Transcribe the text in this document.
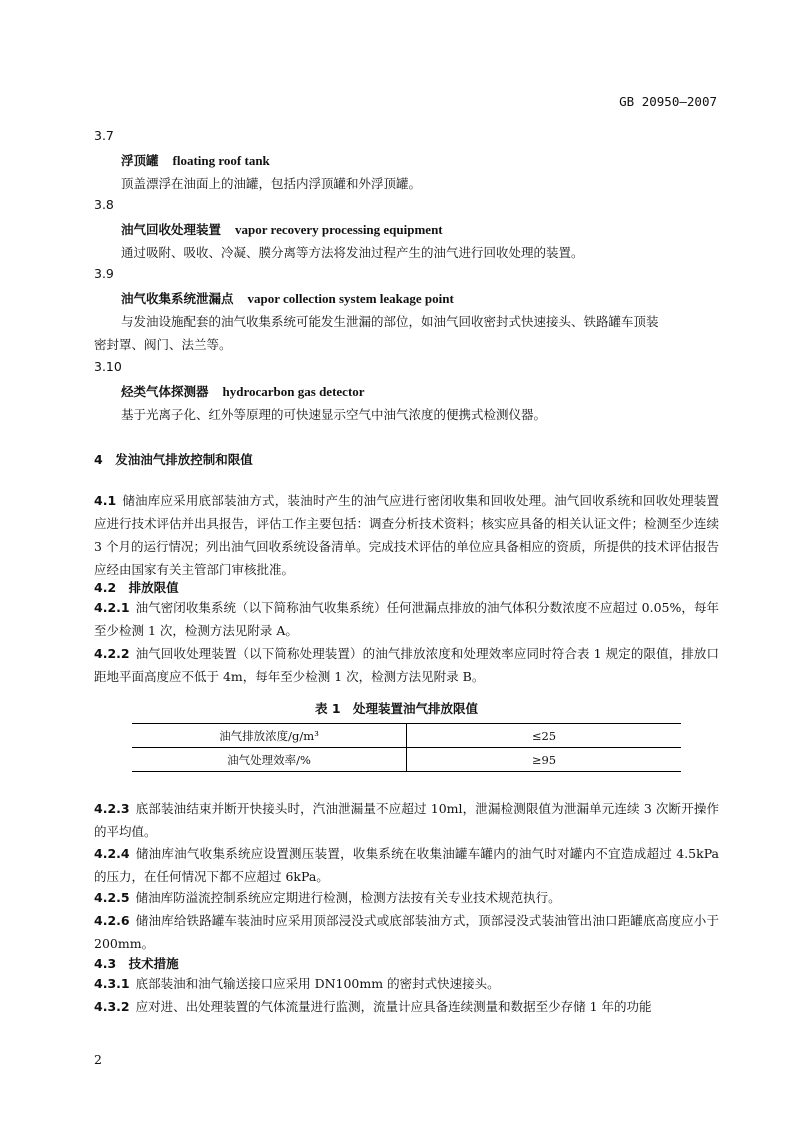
GB 20950—2007
3.7
浮顶罐 floating roof tank
顶盖漂浮在油面上的油罐，包括内浮顶罐和外浮顶罐。
3.8
油气回收处理装置 vapor recovery processing equipment
通过吸附、吸收、冷凝、膜分离等方法将发油过程产生的油气进行回收处理的装置。
3.9
油气收集系统泄漏点 vapor collection system leakage point
与发油设施配套的油气收集系统可能发生泄漏的部位，如油气回收密封式快速接头、铁路罐车顶装
密封罩、阀门、法兰等。
3.10
烃类气体探测器 hydrocarbon gas detector
基于光离子化、红外等原理的可快速显示空气中油气浓度的便携式检测仪器。
4　发油油气排放控制和限值
4.1 储油库应采用底部装油方式，装油时产生的油气应进行密闭收集和回收处理。油气回收系统和回收处理装置应进行技术评估并出具报告，评估工作主要包括：调查分析技术资料；核实应具备的相关认证文件；检测至少连续 3 个月的运行情况；列出油气回收系统设备清单。完成技术评估的单位应具备相应的资质，所提供的技术评估报告应经由国家有关主管部门审核批准。
4.2　排放限值
4.2.1 油气密闭收集系统（以下简称油气收集系统）任何泄漏点排放的油气体积分数浓度不应超过 0.05%，每年至少检测 1 次，检测方法见附录 A。
4.2.2 油气回收处理装置（以下简称处理装置）的油气排放浓度和处理效率应同时符合表 1 规定的限值，排放口距地平面高度应不低于 4m，每年至少检测 1 次，检测方法见附录 B。
表 1　处理装置油气排放限值
油气排放浓度/g/m³	≤25
油气处理效率/%	≥95
4.2.3 底部装油结束并断开快接头时，汽油泄漏量不应超过 10ml，泄漏检测限值为泄漏单元连续 3 次断开操作的平均值。
4.2.4 储油库油气收集系统应设置测压装置，收集系统在收集油罐车罐内的油气时对罐内不宜造成超过 4.5kPa 的压力，在任何情况下都不应超过 6kPa。
4.2.5 储油库防溢流控制系统应定期进行检测，检测方法按有关专业技术规范执行。
4.2.6 储油库给铁路罐车装油时应采用顶部浸没式或底部装油方式，顶部浸没式装油管出油口距罐底高度应小于 200mm。
4.3　技术措施
4.3.1 底部装油和油气输送接口应采用 DN100mm 的密封式快速接头。
4.3.2 应对进、出处理装置的气体流量进行监测，流量计应具备连续测量和数据至少存储 1 年的功能
2
